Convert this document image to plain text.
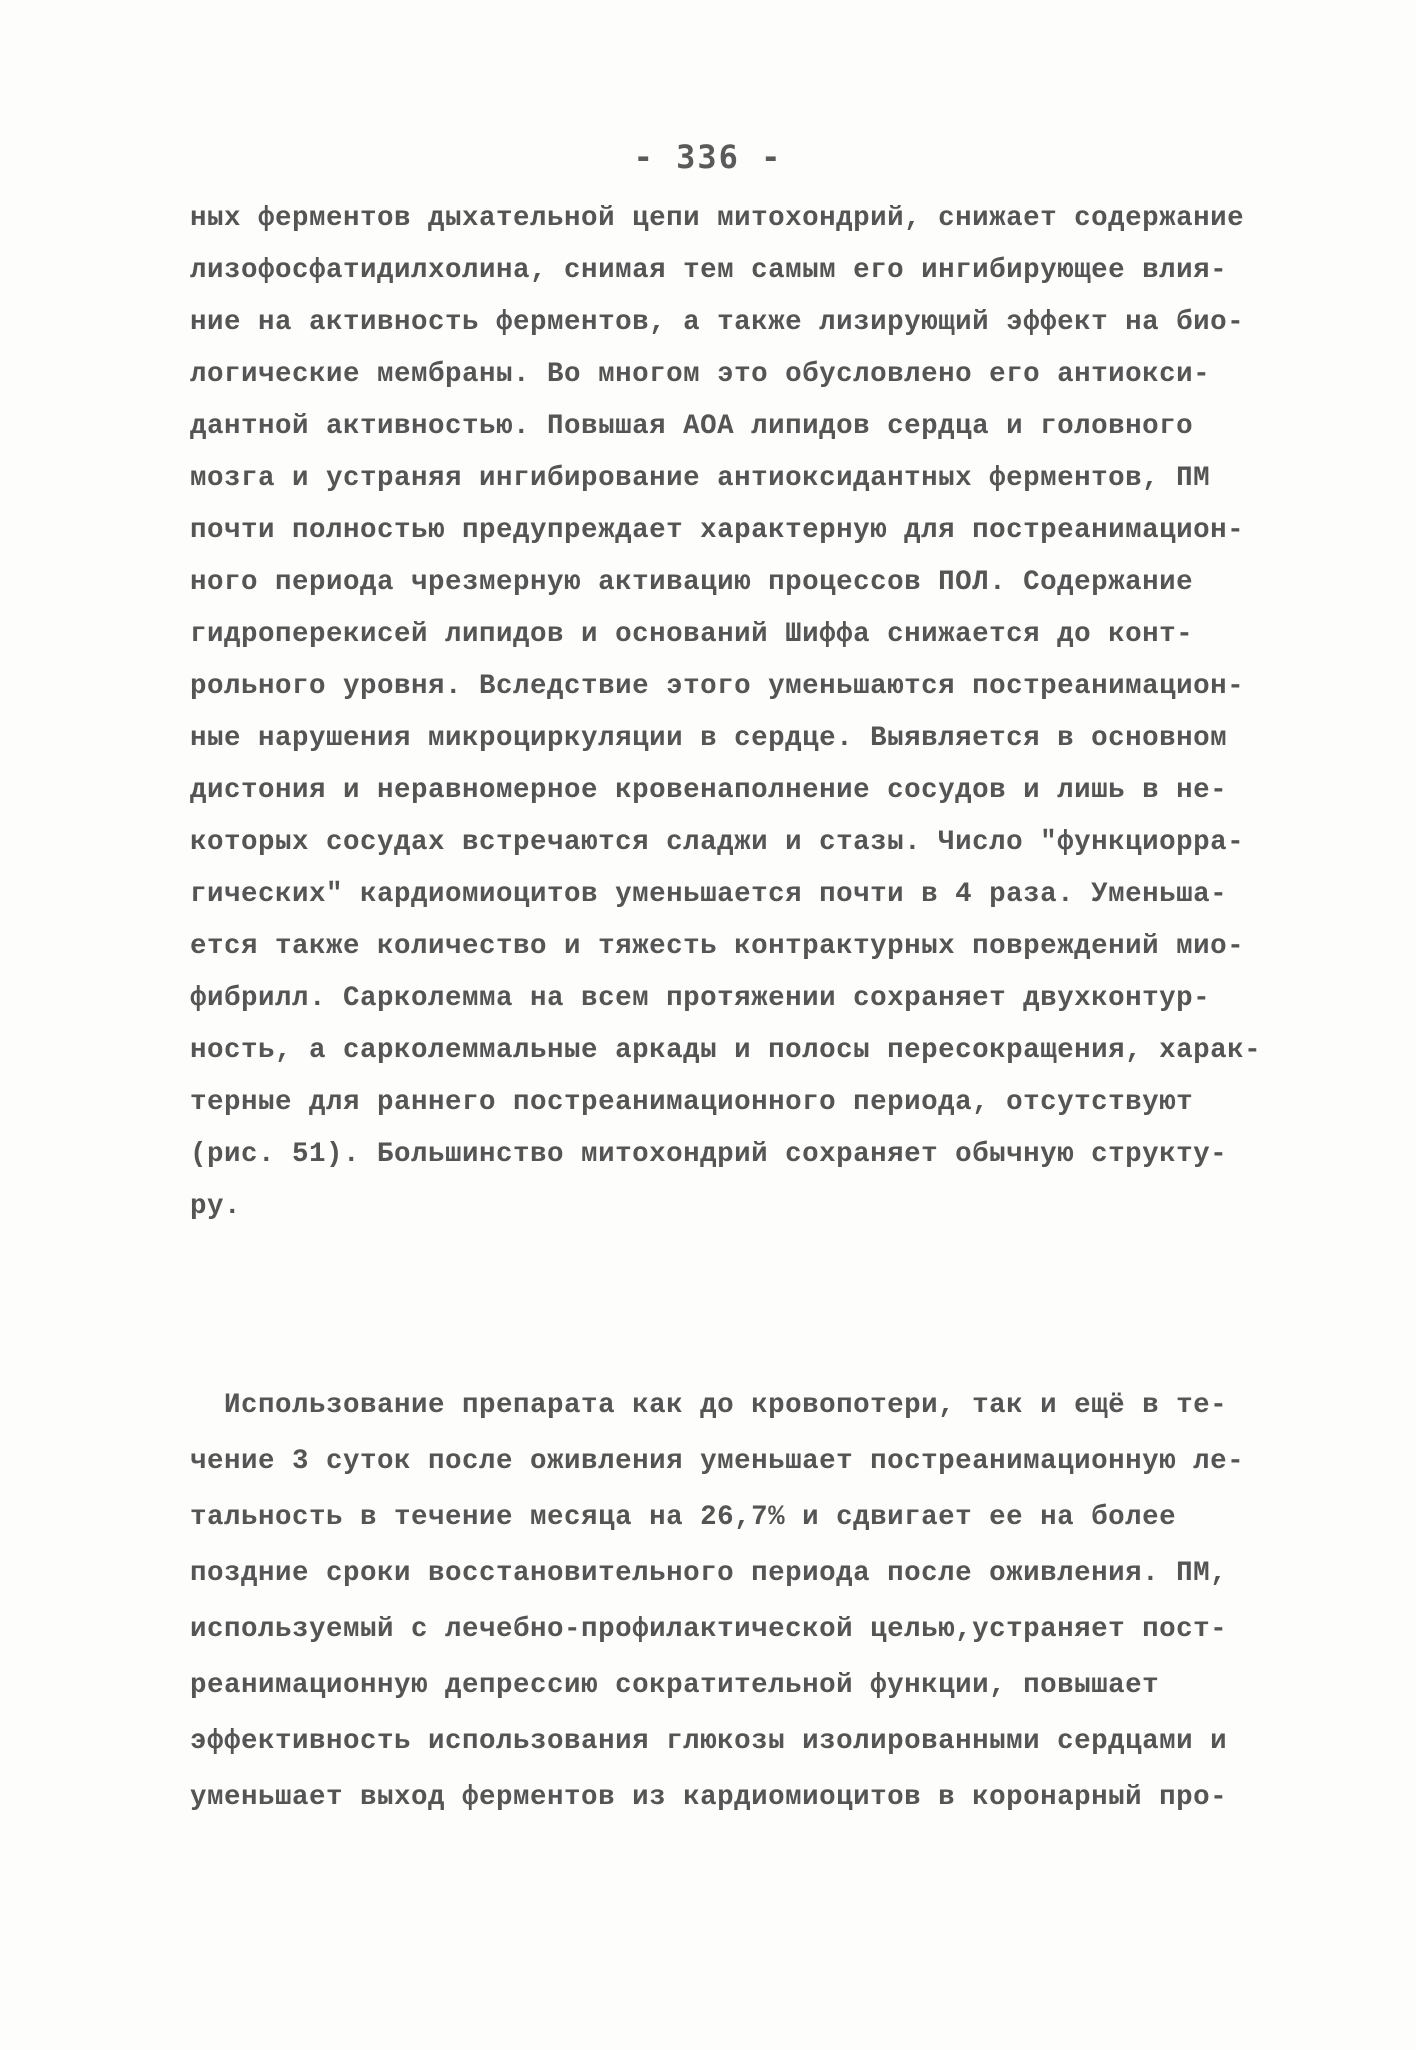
- 336 -
ных ферментов дыхательной цепи митохондрий, снижает содержание
лизофосфатидилхолина, снимая тем самым его ингибирующее влия-
ние на активность ферментов, а также лизирующий эффект на био-
логические мембраны. Во многом это обусловлено его антиокси-
дантной активностью. Повышая АОА липидов сердца и головного
мозга и устраняя ингибирование антиоксидантных ферментов, ПМ
почти полностью предупреждает характерную для постреанимацион-
ного периода чрезмерную активацию процессов ПОЛ. Содержание
гидроперекисей липидов и оснований Шиффа снижается до конт-
рольного уровня. Вследствие этого уменьшаются постреанимацион-
ные нарушения микроциркуляции в сердце. Выявляется в основном
дистония и неравномерное кровенаполнение сосудов и лишь в не-
которых сосудах встречаются сладжи и стазы. Число "функциорра-
гических" кардиомиоцитов уменьшается почти в 4 раза. Уменьша-
ется также количество и тяжесть контрактурных повреждений мио-
фибрилл. Сарколемма на всем протяжении сохраняет двухконтур-
ность, а сарколеммальные аркады и полосы пересокращения, харак-
терные для раннего постреанимационного периода, отсутствуют
(рис. 51). Большинство митохондрий сохраняет обычную структу-
ру.
Использование препарата как до кровопотери, так и ещё в те-
чение 3 суток после оживления уменьшает постреанимационную ле-
тальность в течение месяца на 26,7% и сдвигает ее на более
поздние сроки восстановительного периода после оживления. ПМ,
используемый с лечебно-профилактической целью,устраняет пост-
реанимационную депрессию сократительной функции, повышает
эффективность использования глюкозы изолированными сердцами и
уменьшает выход ферментов из кардиомиоцитов в коронарный про-
